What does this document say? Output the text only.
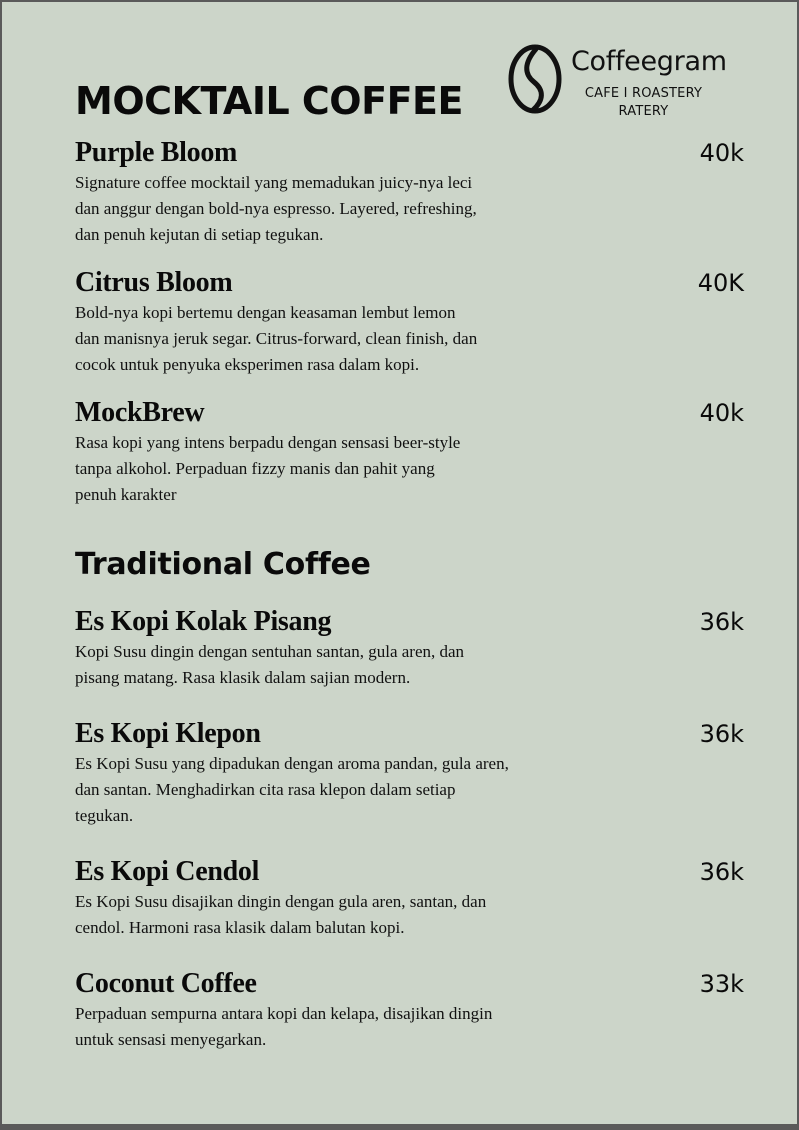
Coffeegram
CAFE I ROASTERY
RATERY
MOCKTAIL COFFEE
Purple Bloom	40k

Signature coffee mocktail yang memadukan juicy-nya leci
dan anggur dengan bold-nya espresso. Layered, refreshing,
dan penuh kejutan di setiap tegukan.

Citrus Bloom	40K

Bold-nya kopi bertemu dengan keasaman lembut lemon
dan manisnya jeruk segar. Citrus-forward, clean finish, dan
cocok untuk penyuka eksperimen rasa dalam kopi.

MockBrew	40k

Rasa kopi yang intens berpadu dengan sensasi beer-style
tanpa alkohol. Perpaduan fizzy manis dan pahit yang
penuh karakter

Traditional Coffee
Es Kopi Kolak Pisang	36k

Kopi Susu dingin dengan sentuhan santan, gula aren, dan
pisang matang. Rasa klasik dalam sajian modern.

Es Kopi Klepon	36k

Es Kopi Susu yang dipadukan dengan aroma pandan, gula aren,
dan santan. Menghadirkan cita rasa klepon dalam setiap
tegukan.

Es Kopi Cendol	36k

Es Kopi Susu disajikan dingin dengan gula aren, santan, dan
cendol. Harmoni rasa klasik dalam balutan kopi.

Coconut Coffee	33k

Perpaduan sempurna antara kopi dan kelapa, disajikan dingin
untuk sensasi menyegarkan.
